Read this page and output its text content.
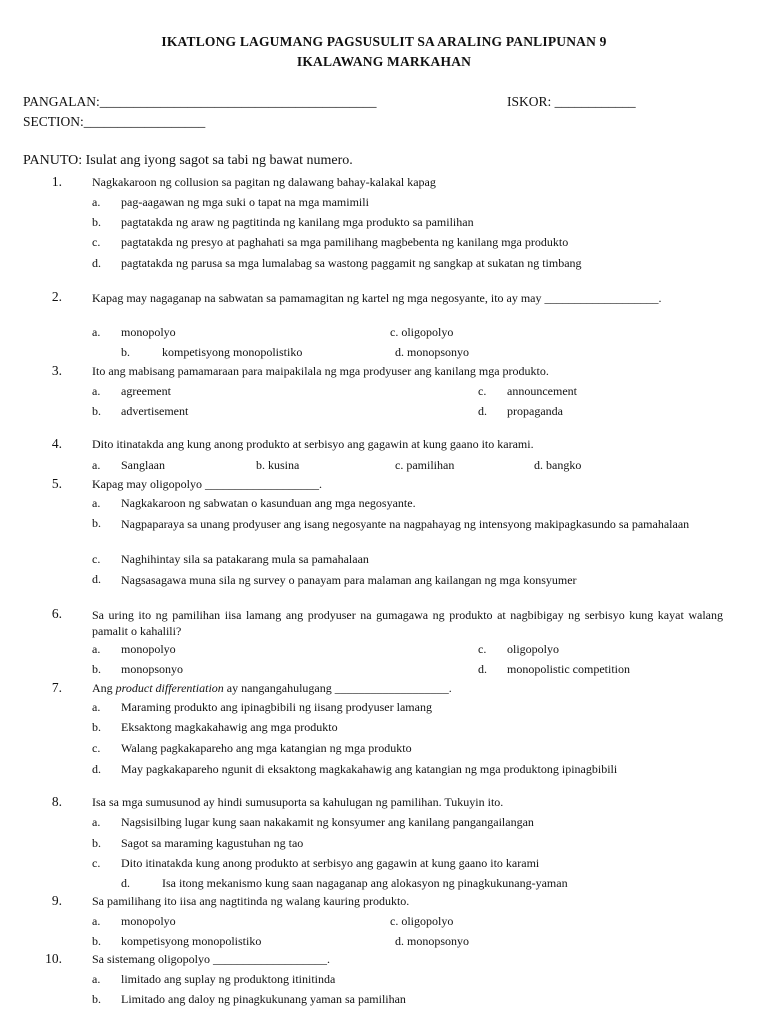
IKATLONG LAGUMANG PAGSUSULIT SA ARALING PANLIPUNAN 9
IKALAWANG MARKAHAN
PANGALAN:_________________________________________	ISKOR: ____________
SECTION:__________________
PANUTO: Isulat ang iyong sagot sa tabi ng bawat numero.
1.	Nagkakaroon ng collusion sa pagitan ng dalawang bahay-kalakal kapag
a. pag-aagawan ng mga suki o tapat na mga mamimili
b. pagtatakda ng araw ng pagtitinda ng kanilang mga produkto sa pamilihan
c. pagtatakda ng presyo at paghahati sa mga pamilihang magbebenta ng kanilang mga produkto
d. pagtatakda ng parusa sa mga lumalabag sa wastong paggamit ng sangkap at sukatan ng timbang
2.	Kapag may nagaganap na sabwatan sa pamamagitan ng kartel ng mga negosyante, ito ay may ___________________.
a. monopolyo	c. oligopolyo
b.	kompetisyong monopolistiko	d. monopsonyo
3.	Ito ang mabisang pamamaraan para maipakilala ng mga prodyuser ang kanilang mga produkto.
a. agreement	c. announcement
b. advertisement	d. propaganda
4.	Dito itinatakda ang kung anong produkto at serbisyo ang gagawin at kung gaano ito karami.
a. Sanglaan	b. kusina	c. pamilihan	d. bangko
5.	Kapag may oligopolyo ___________________.
a. Nagkakaroon ng sabwatan o kasunduan ang mga negosyante.
b. Nagpaparaya sa unang prodyuser ang isang negosyante na nagpahayag ng intensyong makipagkasundo sa pamahalaan
c. Naghihintay sila sa patakarang mula sa pamahalaan
d. Nagsasagawa muna sila ng survey o panayam para malaman ang kailangan ng mga konsyumer
6.	Sa uring ito ng pamilihan iisa lamang ang prodyuser na gumagawa ng produkto at nagbibigay ng serbisyo kung kayat walang pamalit o kahalili?
a. monopolyo	c. oligopolyo
b. monopsonyo	d. monopolistic competition
7.	Ang product differentiation ay nangangahulugang ___________________.
a. Maraming produkto ang ipinagbibili ng iisang prodyuser lamang
b. Eksaktong magkakahawig ang mga produkto
c. Walang pagkakapareho ang mga katangian ng mga produkto
d. May pagkakapareho ngunit di eksaktong magkakahawig ang katangian ng mga produktong ipinagbibili
8.	Isa sa mga sumusunod ay hindi sumusuporta sa kahulugan ng pamilihan. Tukuyin ito.
a. Nagsisilbing lugar kung saan nakakamit ng konsyumer ang kanilang pangangailangan
b. Sagot sa maraming kagustuhan ng tao
c. Dito itinatakda kung anong produkto at serbisyo ang gagawin at kung gaano ito karami
d.	Isa itong mekanismo kung saan nagaganap ang alokasyon ng pinagkukunang-yaman
9.	Sa pamilihang ito iisa ang nagtitinda ng walang kauring produkto.
a. monopolyo	c. oligopolyo
b. kompetisyong monopolistiko	d. monopsonyo
10.	Sa sistemang oligopolyo ___________________.
a. limitado ang suplay ng produktong itinitinda
b. Limitado ang daloy ng pinagkukunang yaman sa pamilihan
